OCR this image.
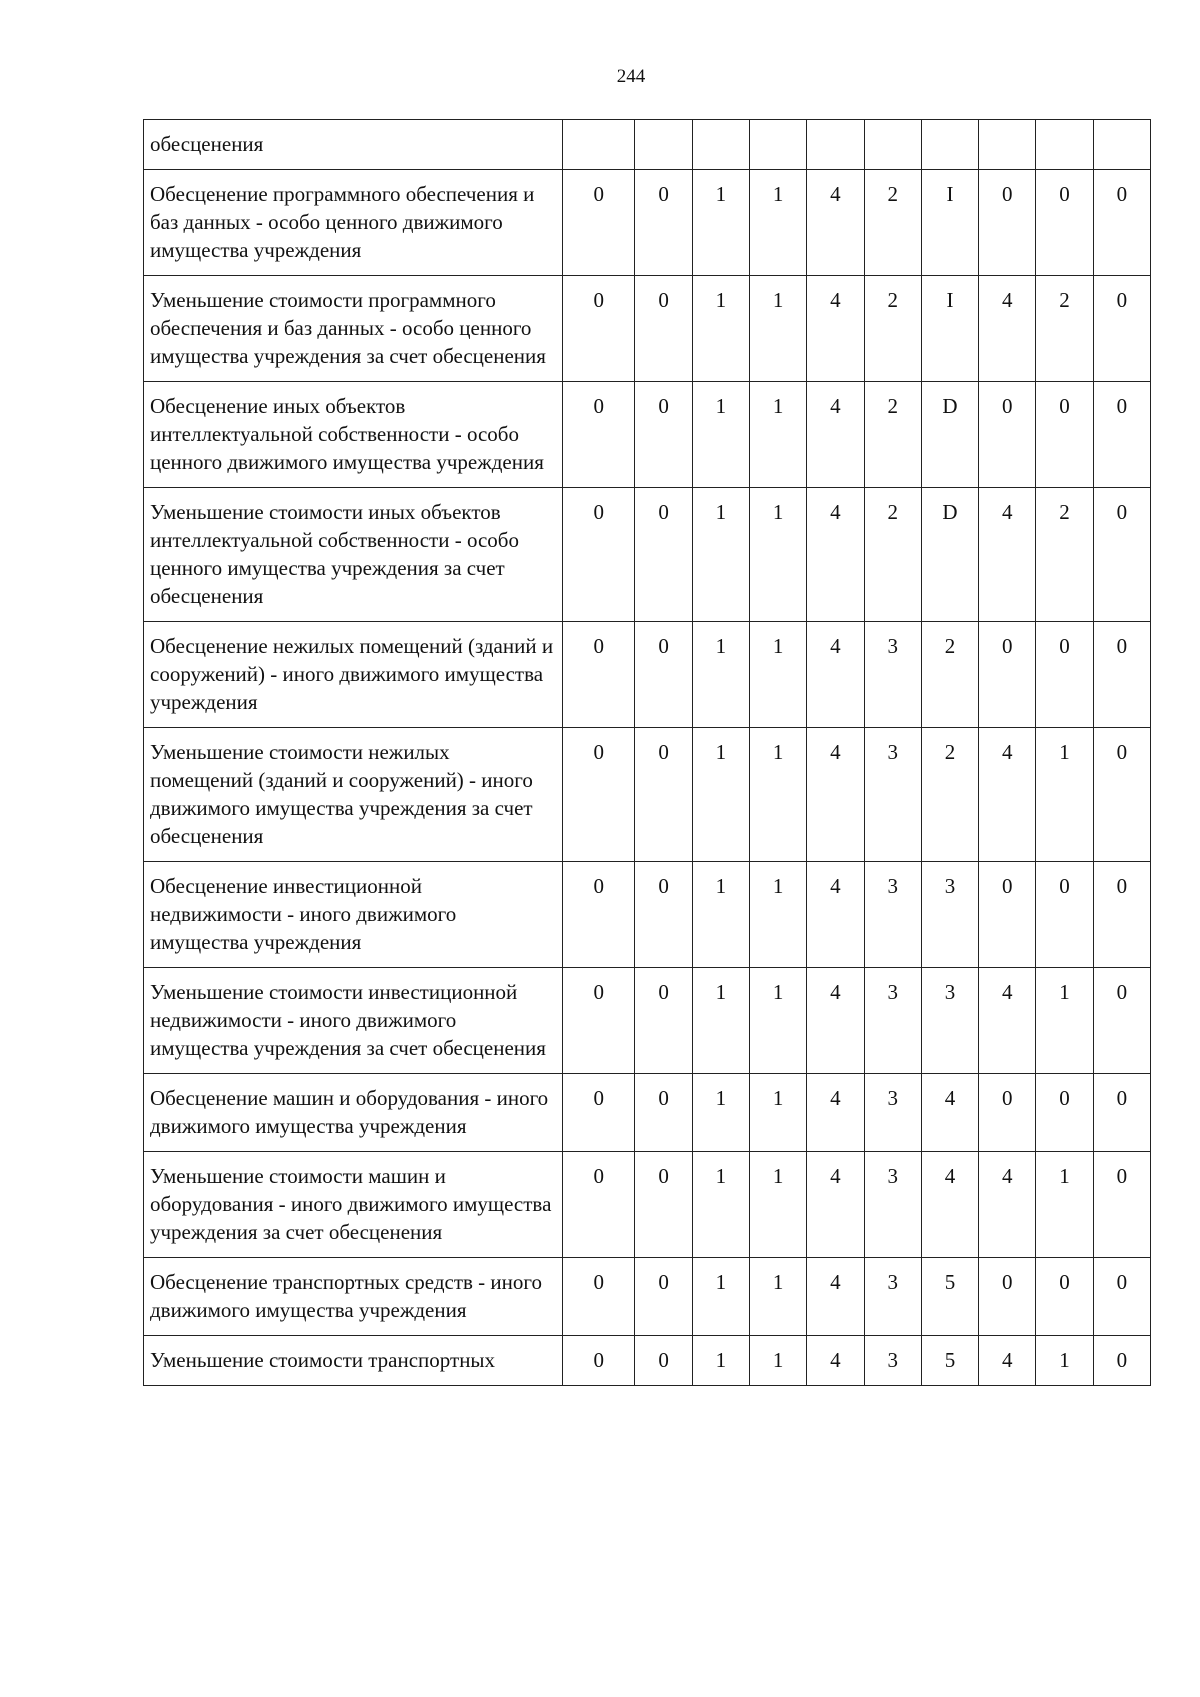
244
обесценения										
Обесценение программного обеспечения и баз данных - особо ценного движимого имущества учреждения	0	0	1	1	4	2	I	0	0	0
Уменьшение стоимости программного обеспечения и баз данных - особо ценного имущества учреждения за счет обесценения	0	0	1	1	4	2	I	4	2	0
Обесценение иных объектов интеллектуальной собственности - особо ценного движимого имущества учреждения	0	0	1	1	4	2	D	0	0	0
Уменьшение стоимости иных объектов интеллектуальной собственности - особо ценного имущества учреждения за счет обесценения	0	0	1	1	4	2	D	4	2	0
Обесценение нежилых помещений (зданий и сооружений) - иного движимого имущества учреждения	0	0	1	1	4	3	2	0	0	0
Уменьшение стоимости нежилых помещений (зданий и сооружений) - иного движимого имущества учреждения за счет обесценения	0	0	1	1	4	3	2	4	1	0
Обесценение инвестиционной недвижимости - иного движимого имущества учреждения	0	0	1	1	4	3	3	0	0	0
Уменьшение стоимости инвестиционной недвижимости - иного движимого имущества учреждения за счет обесценения	0	0	1	1	4	3	3	4	1	0
Обесценение машин и оборудования - иного движимого имущества учреждения	0	0	1	1	4	3	4	0	0	0
Уменьшение стоимости машин и оборудования - иного движимого имущества учреждения за счет обесценения	0	0	1	1	4	3	4	4	1	0
Обесценение транспортных средств - иного движимого имущества учреждения	0	0	1	1	4	3	5	0	0	0
Уменьшение стоимости транспортных	0	0	1	1	4	3	5	4	1	0
